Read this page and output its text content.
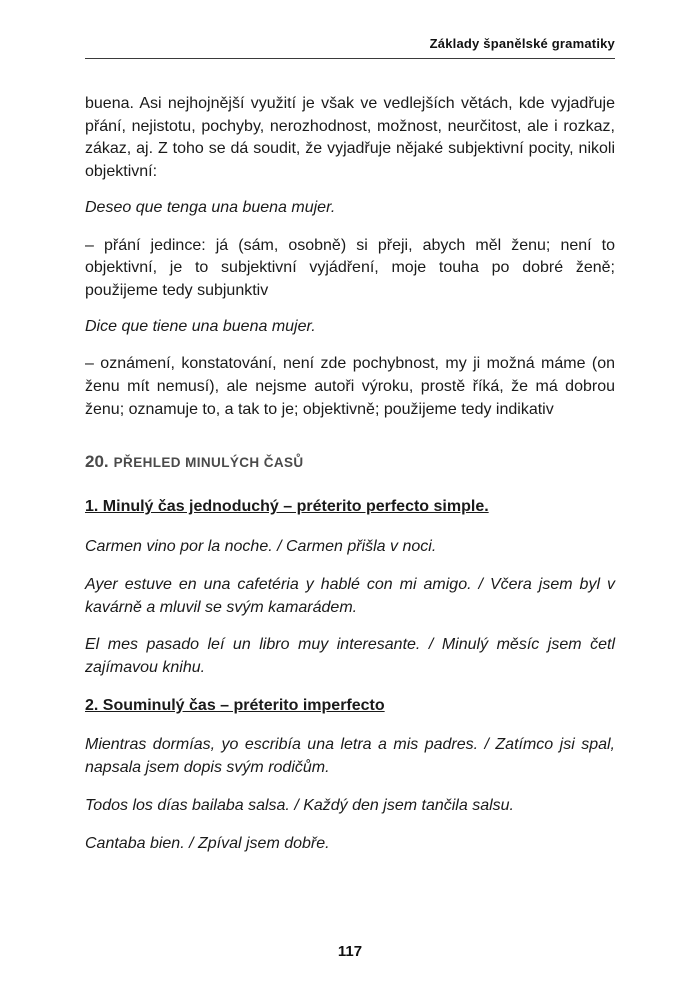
Základy španělské gramatiky

buena. Asi nejhojnější využití je však ve vedlejších větách, kde vyjadřuje přání, nejistotu, pochyby, nerozhodnost, možnost, neurčitost, ale i rozkaz, zákaz, aj. Z toho se dá soudit, že vyjadřuje nějaké subjektivní pocity, nikoli objektivní:

Deseo que tenga una buena mujer.

– přání jedince: já (sám, osobně) si přeji, abych měl ženu; není to objektivní, je to subjektivní vyjádření, moje touha po dobré ženě; použijeme tedy subjunktiv

Dice que tiene una buena mujer.

– oznámení, konstatování, není zde pochybnost, my ji možná máme (on ženu mít nemusí), ale nejsme autoři výroku, prostě říká, že má dobrou ženu; oznamuje to, a tak to je; objektivně; použijeme tedy indikativ

20. PŘEHLED MINULÝCH ČASŮ

1. Minulý čas jednoduchý – préterito perfecto simple.

Carmen vino por la noche. / Carmen přišla v noci.

Ayer estuve en una cafetéria y hablé con mi amigo. / Včera jsem byl v kavárně a mluvil se svým kamarádem.

El mes pasado leí un libro muy interesante. / Minulý měsíc jsem četl zajímavou knihu.

2. Souminulý čas – préterito imperfecto

Mientras dormías, yo escribía una letra a mis padres. / Zatímco jsi spal, napsala jsem dopis svým rodičům.

Todos los días bailaba salsa. / Každý den jsem tančila salsu.

Cantaba bien. / Zpíval jsem dobře.

117
